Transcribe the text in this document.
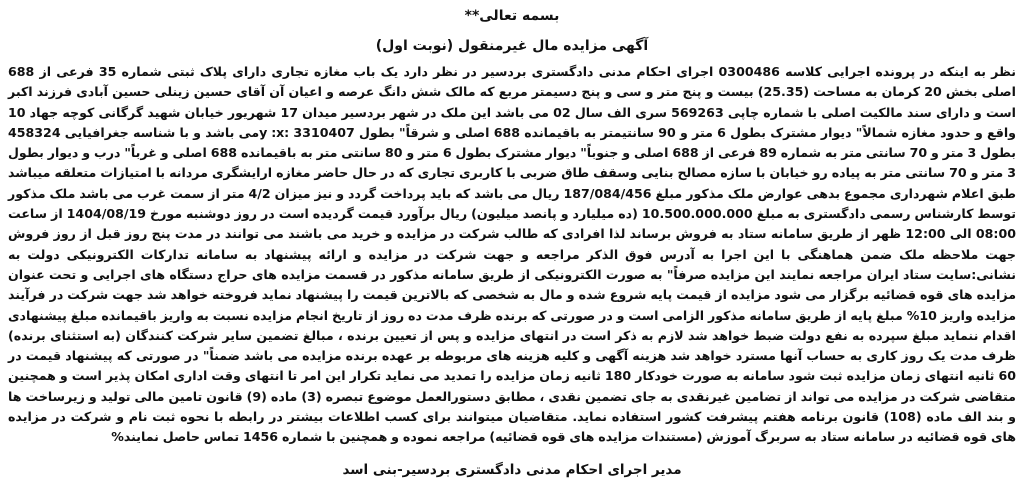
بسمه تعالی**
آگهی مزایده مال غیرمنقول (نوبت اول)
نظر به اینکه در پرونده اجرایی کلاسه 0300486 اجرای احکام مدنی دادگستری بردسیر در نظر دارد یک باب مغازه تجاری دارای پلاک ثبتی شماره 35 فرعی از 688 اصلی بخش 20 کرمان به مساحت (25.35) بیست و پنج متر و سی و پنج دسیمتر مربع که مالک شش دانگ عرصه و اعیان آن آقای حسین زینلی حسین آبادی فرزند اکبر است و دارای سند مالکیت اصلی با شماره چاپی 569263 سری الف سال 02 می باشد این ملک در شهر بردسیر میدان 17 شهریور خیابان شهید گرگانی کوچه جهاد 10 واقع و حدود مغازه شمالاً" دیوار مشترک بطول 6 متر و 90 سانتیمتر به باقیمانده 688 اصلی و شرقاً" بطول 3310407 :y :xمی باشد و با شناسه جغرافیایی 458324 بطول 3 متر و 70 سانتی متر به شماره 89 فرعی از 688 اصلی و جنوباً" دیوار مشترک بطول 6 متر و 80 سانتی متر به باقیمانده 688 اصلی و غرباً" درب و دیوار بطول 3 متر و 70 سانتی متر به پیاده رو خیابان با سازه مصالح بنایی وسقف طاق ضربی با کاربری تجاری که در حال حاضر مغازه ارایشگری مردانه با امتیازات متعلقه میباشد طبق اعلام شهرداری مجموع بدهی عوارض ملک مذکور مبلغ 187/084/456 ریال می باشد که باید پرداخت گردد و نیز میزان 4/2 متر از سمت غرب می باشد ملک مذکور توسط کارشناس رسمی دادگستری به مبلغ 10.500.000.000 (ده میلیارد و پانصد میلیون) ریال برآورد قیمت گردیده است در روز دوشنبه مورخ 1404/08/19 از ساعت 08:00 الی 12:00 ظهر از طریق سامانه ستاد به فروش برساند لذا افرادی که طالب شرکت در مزایده و خرید می باشند می توانند در مدت پنج روز قبل از روز فروش جهت ملاحظه ملک ضمن هماهنگی با این اجرا به آدرس فوق الذکر مراجعه و جهت شرکت در مزایده و ارائه پیشنهاد به سامانه تدارکات الکترونیکی دولت به نشانی:سایت ستاد ایران مراجعه نمایند این مزایده صرفاً" به صورت الکترونیکی از طریق سامانه مذکور در قسمت مزایده های حراج دستگاه های اجرایی و تحت عنوان مزایده های قوه قضائیه برگزار می شود مزایده از قیمت پایه شروع شده و مال به شخصی که بالاترین قیمت را پیشنهاد نماید فروخته خواهد شد جهت شرکت در فرآیند مزایده واریز 10% مبلغ پایه از طریق سامانه مذکور الزامی است و در صورتی که برنده ظرف مدت ده روز از تاریخ انجام مزایده نسبت به واریز باقیمانده مبلغ پیشنهادی اقدام ننماید مبلغ سپرده به نفع دولت ضبط خواهد شد لازم به ذکر است در انتهای مزایده و پس از تعیین برنده ، مبالغ تضمین سایر شرکت کنندگان (به استثنای برنده) ظرف مدت یک روز کاری به حساب آنها مسترد خواهد شد هزینه آگهی و کلیه هزینه های مربوطه بر عهده برنده مزایده می باشد ضمناً" در صورتی که پیشنهاد قیمت در 60 ثانیه انتهای زمان مزایده ثبت شود سامانه به صورت خودکار 180 ثانیه زمان مزایده را تمدید می نماید تکرار این امر تا انتهای وقت اداری امکان پذیر است و همچنین متقاضی شرکت در مزایده می تواند از تضامین غیرنقدی به جای تضمین نقدی ، مطابق دستورالعمل موضوع تبصره (3) ماده (9) قانون تامین مالی تولید و زیرساخت ها و بند الف ماده (108) قانون برنامه هفتم پیشرفت کشور استفاده نماید. متقاضیان میتوانند برای کسب اطلاعات بیشتر در رابطه با نحوه ثبت نام و شرکت در مزایده های قوه قضائیه در سامانه ستاد به سربرگ آموزش (مستندات مزایده های قوه قضائیه) مراجعه نموده و همچنین با شماره 1456 تماس حاصل نمایند%
مدیر اجرای احکام مدنی دادگستری بردسیر-بنی اسد
